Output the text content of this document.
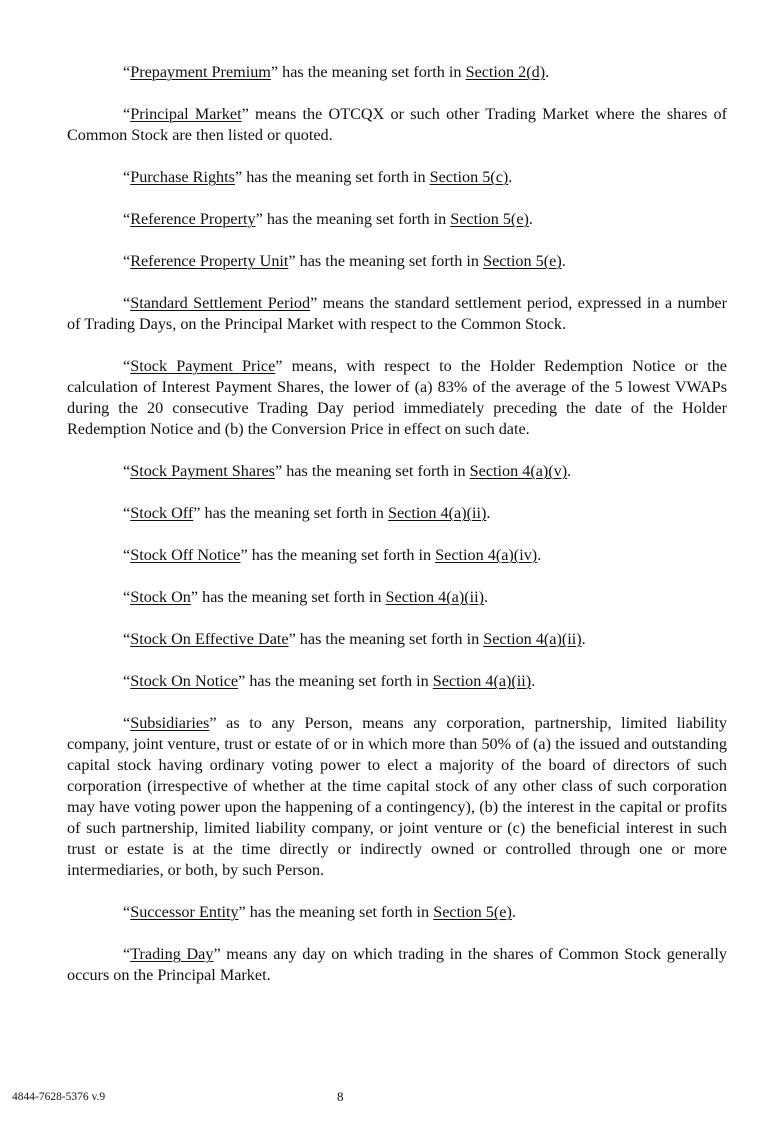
“Prepayment Premium” has the meaning set forth in Section 2(d).

“Principal Market” means the OTCQX or such other Trading Market where the shares of Common Stock are then listed or quoted.

“Purchase Rights” has the meaning set forth in Section 5(c).

“Reference Property” has the meaning set forth in Section 5(e).

“Reference Property Unit” has the meaning set forth in Section 5(e).

“Standard Settlement Period” means the standard settlement period, expressed in a number of Trading Days, on the Principal Market with respect to the Common Stock.

“Stock Payment Price” means, with respect to the Holder Redemption Notice or the calculation of Interest Payment Shares, the lower of (a) 83% of the average of the 5 lowest VWAPs during the 20 consecutive Trading Day period immediately preceding the date of the Holder Redemption Notice and (b) the Conversion Price in effect on such date.

“Stock Payment Shares” has the meaning set forth in Section 4(a)(v).

“Stock Off” has the meaning set forth in Section 4(a)(ii).

“Stock Off Notice” has the meaning set forth in Section 4(a)(iv).

“Stock On” has the meaning set forth in Section 4(a)(ii).

“Stock On Effective Date” has the meaning set forth in Section 4(a)(ii).

“Stock On Notice” has the meaning set forth in Section 4(a)(ii).

“Subsidiaries” as to any Person, means any corporation, partnership, limited liability company, joint venture, trust or estate of or in which more than 50% of (a) the issued and outstanding capital stock having ordinary voting power to elect a majority of the board of directors of such corporation (irrespective of whether at the time capital stock of any other class of such corporation may have voting power upon the happening of a contingency), (b) the interest in the capital or profits of such partnership, limited liability company, or joint venture or (c) the beneficial interest in such trust or estate is at the time directly or indirectly owned or controlled through one or more intermediaries, or both, by such Person.

“Successor Entity” has the meaning set forth in Section 5(e).

“Trading Day” means any day on which trading in the shares of Common Stock generally occurs on the Principal Market.

4844-7628-5376 v.9	8
